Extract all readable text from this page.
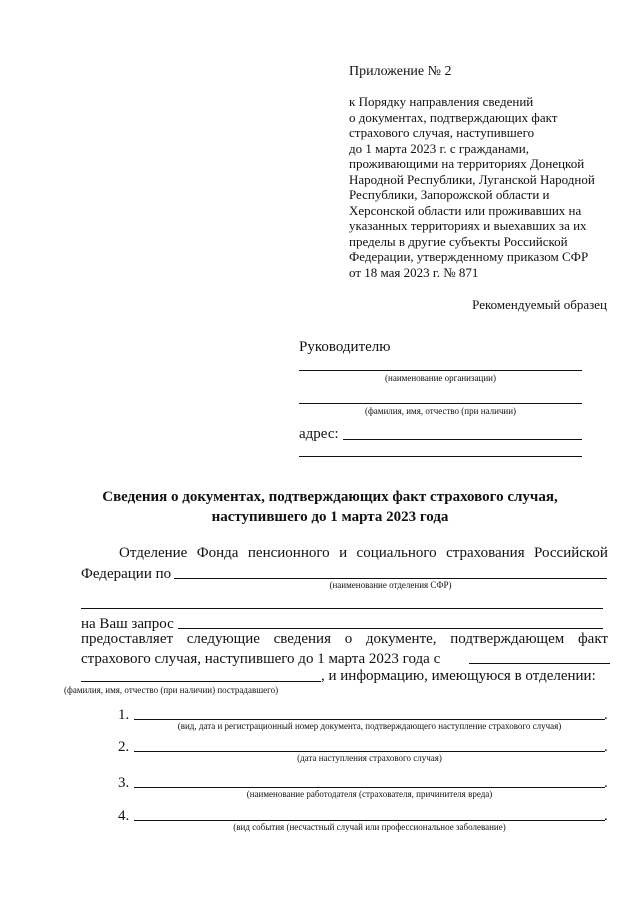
Приложение № 2
к Порядку направления сведений
о документах, подтверждающих факт
страхового случая, наступившего
до 1 марта 2023 г. с гражданами,
проживающими на территориях Донецкой
Народной Республики, Луганской Народной
Республики, Запорожской области и
Херсонской области или проживавших на
указанных территориях и выехавших за их
пределы в другие субъекты Российской
Федерации, утвержденному приказом СФР
от 18 мая 2023 г. № 871
Рекомендуемый образец
Руководителю
(наименование организации)
(фамилия, имя, отчество (при наличии)
адрес:
Сведения о документах, подтверждающих факт страхового случая,
наступившего до 1 марта 2023 года
Отделение Фонда пенсионного и социального страхования Российской
Федерации по
(наименование отделения СФР)
на Ваш запрос
предоставляет следующие сведения о документе, подтверждающем факт
страхового случая, наступившего до 1 марта 2023 года с
, и информацию, имеющуюся в отделении:
(фамилия, имя, отчество (при наличии) пострадавшего)
1.	.
(вид, дата и регистрационный номер документа, подтверждающего наступление страхового случая)
2.	.
(дата наступления страхового случая)
3.	.
(наименование работодателя (страхователя, причинителя вреда)
4.	.
(вид события (несчастный случай или профессиональное заболевание)
